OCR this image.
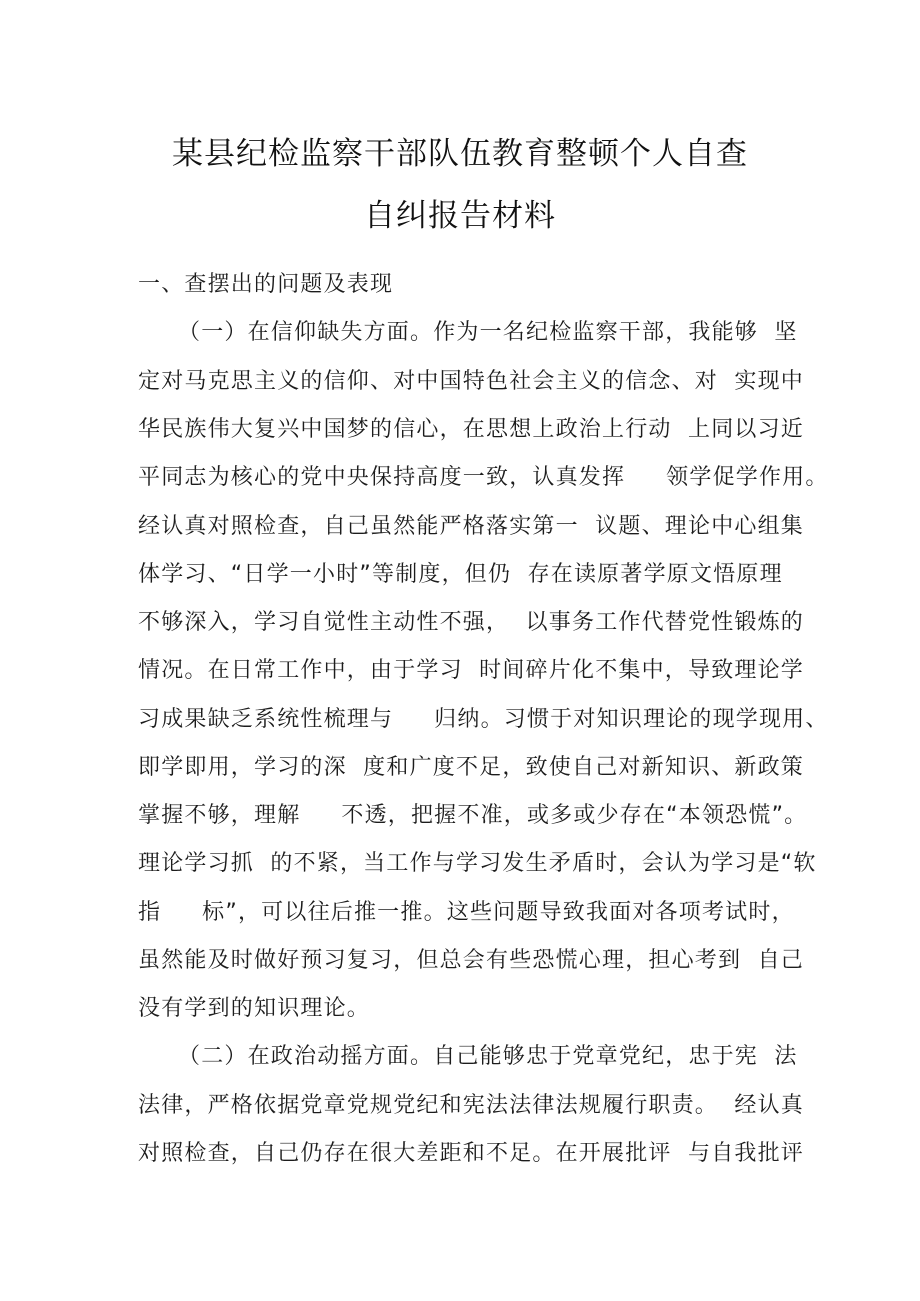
某县纪检监察干部队伍教育整顿个人自查
自纠报告材料
一、查摆出的问题及表现
（一）在信仰缺失方面。作为一名纪检监察干部，我能够  坚
定对马克思主义的信仰、对中国特色社会主义的信念、对  实现中
华民族伟大复兴中国梦的信心，在思想上政治上行动  上同以习近
平同志为核心的党中央保持高度一致，认真发挥     领学促学作用。
经认真对照检查，自己虽然能严格落实第一  议题、理论中心组集
体学习、“日学一小时”等制度，但仍  存在读原著学原文悟原理
不够深入，学习自觉性主动性不强，  以事务工作代替党性锻炼的
情况。在日常工作中，由于学习  时间碎片化不集中，导致理论学
习成果缺乏系统性梳理与     归纳。习惯于对知识理论的现学现用、
即学即用，学习的深  度和广度不足，致使自己对新知识、新政策
掌握不够，理解     不透，把握不准，或多或少存在“本领恐慌”。
理论学习抓  的不紧，当工作与学习发生矛盾时，会认为学习是“软
指     标”，可以往后推一推。这些问题导致我面对各项考试时，
虽然能及时做好预习复习，但总会有些恐慌心理，担心考到  自己
没有学到的知识理论。
（二）在政治动摇方面。自己能够忠于党章党纪，忠于宪  法
法律，严格依据党章党规党纪和宪法法律法规履行职责。  经认真
对照检查，自己仍存在很大差距和不足。在开展批评  与自我批评
